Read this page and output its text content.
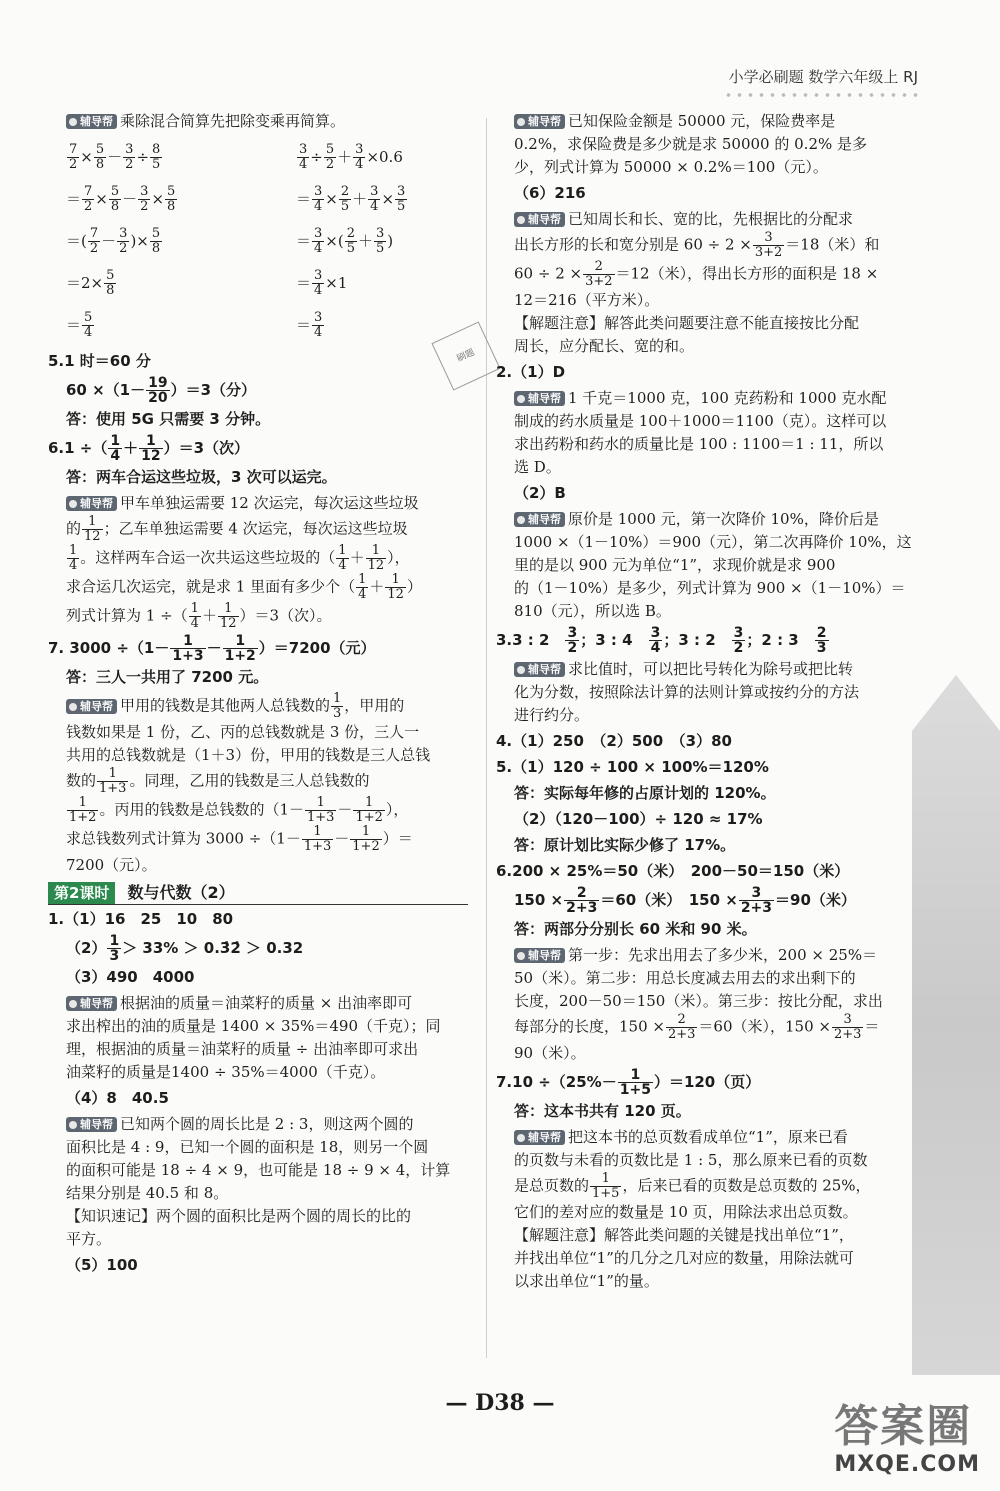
小学必刷题 数学六年级上 RJ
刷题

辅导帮 乘除混合简算先把除变乘再简算。

7
2 × 5
8 － 3
2 ÷ 8
5
＝ 7
2 × 5
8 － 3
2 × 5
8
＝( 7
2 － 3
2 )× 5
8
＝2× 5
8
＝ 5
4
3
4 ÷ 5
2 ＋ 3
4 ×0.6
＝ 3
4 × 2
5 ＋ 3
4 × 3
5
＝ 3
4 ×( 2
5 ＋ 3
5 )
＝ 3
4 ×1
＝ 3
4

5.1 时＝60 分

$60 \times(1- \frac{19}{20} )=3$（分）

答：使用 5G 只需要 3 分钟。

6.1 ÷（ $\frac{1}{4} + \frac{1}{12} )=3$（次）

答：两车合运这些垃圾，3 次可以运完。

辅导帮 甲车单独运需要 12 次运完，每次运这些垃圾
的 $\frac{1}{12}$ ；乙车单独运需要 4 次运完，每次运这些垃圾

$\frac{1}{4}$ 。这样两车合运一次共运这些垃圾的（ $\frac{1}{4} + \frac{1}{12}$ ），
求合运几次运完，就是求 1 里面有多少个（ $\frac{1}{4} + \frac{1}{12}$ ）
列式计算为 1 ÷（ $\frac{1}{4} + \frac{1}{12} )=3$（次）。

7. $3000 \div(1- \frac{1}{1+3} - \frac{1}{1+2} )=7200$（元）

答：三人一共用了 7200 元。

辅导帮 甲用的钱数是其他两人总钱数的 $\frac{1}{3}$ ，甲用的
钱数如果是 1 份，乙、丙的总钱数就是 3 份，三人一
共用的总钱数就是（1＋3）份，甲用的钱数是三人总钱
数的 $\frac{1}{1+3}$ 。同理，乙用的钱数是三人总钱数的

$\frac{1}{1+2}$ 。丙用的钱数是总钱数的（$1- \frac{1}{1+3} - \frac{1}{1+2}$ ），
求总钱数列式计算为 $3000 \div(1- \frac{1}{1+3} - \frac{1}{1+2}$ ）＝
7200（元）。

第2课时	数与代数（2）

1.（1）16　25　10　80

$(2) \frac{1}{3} > 33\%$ ＞ 0.3̇2̇ ＞ 0.32

（3）490　4000

辅导帮 根据油的质量＝油菜籽的质量 × 出油率即可
求出榨出的油的质量是 1400 × 35%＝490（千克）；同
理，根据油的质量＝油菜籽的质量 ÷ 出油率即可求出
油菜籽的质量是1400 ÷ 35%＝4000（千克）。

（4）8　40.5

辅导帮 已知两个圆的周长比是 2 : 3，则这两个圆的
面积比是 4 : 9，已知一个圆的面积是 18，则另一个圆
的面积可能是 18 ÷ 4 × 9，也可能是 18 ÷ 9 × 4，计算
结果分别是 40.5 和 8。
【知识速记】两个圆的面积比是两个圆的周长的比的
平方。

（5）100

辅导帮 已知保险金额是 50000 元，保险费率是
0.2%，求保险费是多少就是求 50000 的 0.2% 是多
少，列式计算为 50000 × 0.2%＝100（元）。

（6）216

辅导帮 已知周长和长、宽的比，先根据比的分配求
出长方形的长和宽分别是 $60 \div 2 \times \frac{3}{3+2} =18$（米）和
$60 \div 2 \times \frac{2}{3+2} =12$（米），得出长方形的面积是 18 ×
12＝216（平方米）。
【解题注意】解答此类问题要注意不能直接按比分配
周长，应分配长、宽的和。

2.（1）D

辅导帮 1 千克＝1000 克，100 克药粉和 1000 克水配
制成的药水质量是 100＋1000＝1100（克）。这样可以
求出药粉和药水的质量比是 100 : 1100＝1 : 11，所以
选 D。

（2）B

辅导帮 原价是 1000 元，第一次降价 10%，降价后是
1000 ×（1－10%）＝900（元），第二次再降价 10%，这
里的是以 900 元为单位“1”，求现价就是求 900
的（1－10%）是多少，列式计算为 900 ×（1－10%）＝
810（元），所以选 B。

3.3 : 2　 $\frac{3}{2}$ ；3 : 4　 $\frac{3}{4}$ ；3 : 2　 $\frac{3}{2}$ ；2 : 3　 $\frac{2}{3}$

辅导帮 求比值时，可以把比号转化为除号或把比转
化为分数，按照除法计算的法则计算或按约分的方法
进行约分。

4.（1）250　（2）500　（3）80

5.（1）120 ÷ 100 × 100%＝120%

答：实际每年修的占原计划的 120%。

（2）（120－100）÷ 120 ≈ 17%

答：原计划比实际少修了 17%。

6.200 × 25%＝50（米）　200－50＝150（米）

$150 \times \frac{2}{2+3} =60$（米）　$150 \times \frac{3}{2+3} =90$（米）

答：两部分分别长 60 米和 90 米。

辅导帮 第一步：先求出用去了多少米，200 × 25%＝
50（米）。第二步：用总长度减去用去的求出剩下的
长度，200－50＝150（米）。第三步：按比分配，求出
每部分的长度，$150 \times \frac{2}{2+3} =60$（米），$150 \times \frac{3}{2+3}$ ＝
90（米）。

$7.10 \div(25\%- \frac{1}{1+5} )=120$（页）

答：这本书共有 120 页。

辅导帮 把这本书的总页数看成单位“1”，原来已看
的页数与未看的页数比是 1 : 5，那么原来已看的页数
是总页数的 $\frac{1}{1+5}$ ，后来已看的页数是总页数的 25%，
它们的差对应的数量是 10 页，用除法求出总页数。
【解题注意】解答此类问题的关键是找出单位“1”，
并找出单位“1”的几分之几对应的数量，用除法就可
以求出单位“1”的量。

— D38 —	答案圈
MXQE.COM
